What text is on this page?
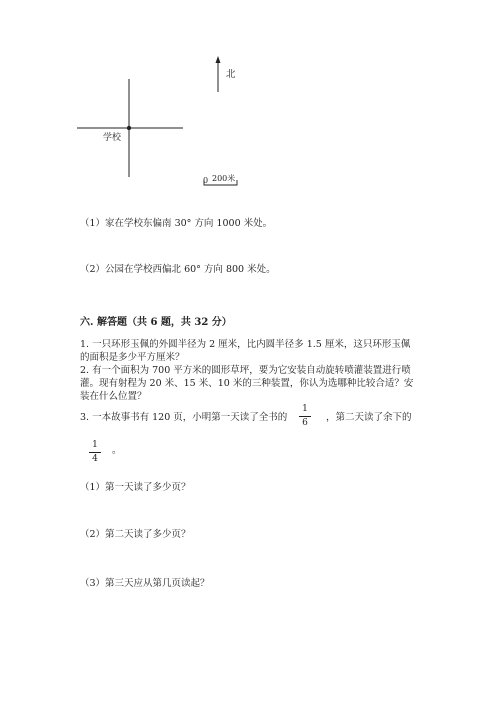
北
学校
0 200米
（1）家在学校东偏南 30° 方向 1000 米处。
（2）公园在学校西偏北 60° 方向 800 米处。
六. 解答题（共 6 题，共 32 分）
1. 一只环形玉佩的外圆半径为 2 厘米，比内圆半径多 1.5 厘米，这只环形玉佩
的面积是多少平方厘米？
2. 有一个面积为 700 平方米的圆形草坪，要为它安装自动旋转喷灌装置进行喷
灌。现有射程为 20 米、15 米、10 米的三种装置，你认为选哪种比较合适？安
装在什么位置？
3. 一本故事书有 120 页，小明第一天读了全书的
1
6	，第二天读了余下的
1
4
。
（1）第一天读了多少页？
（2）第二天读了多少页？
（3）第三天应从第几页读起？
